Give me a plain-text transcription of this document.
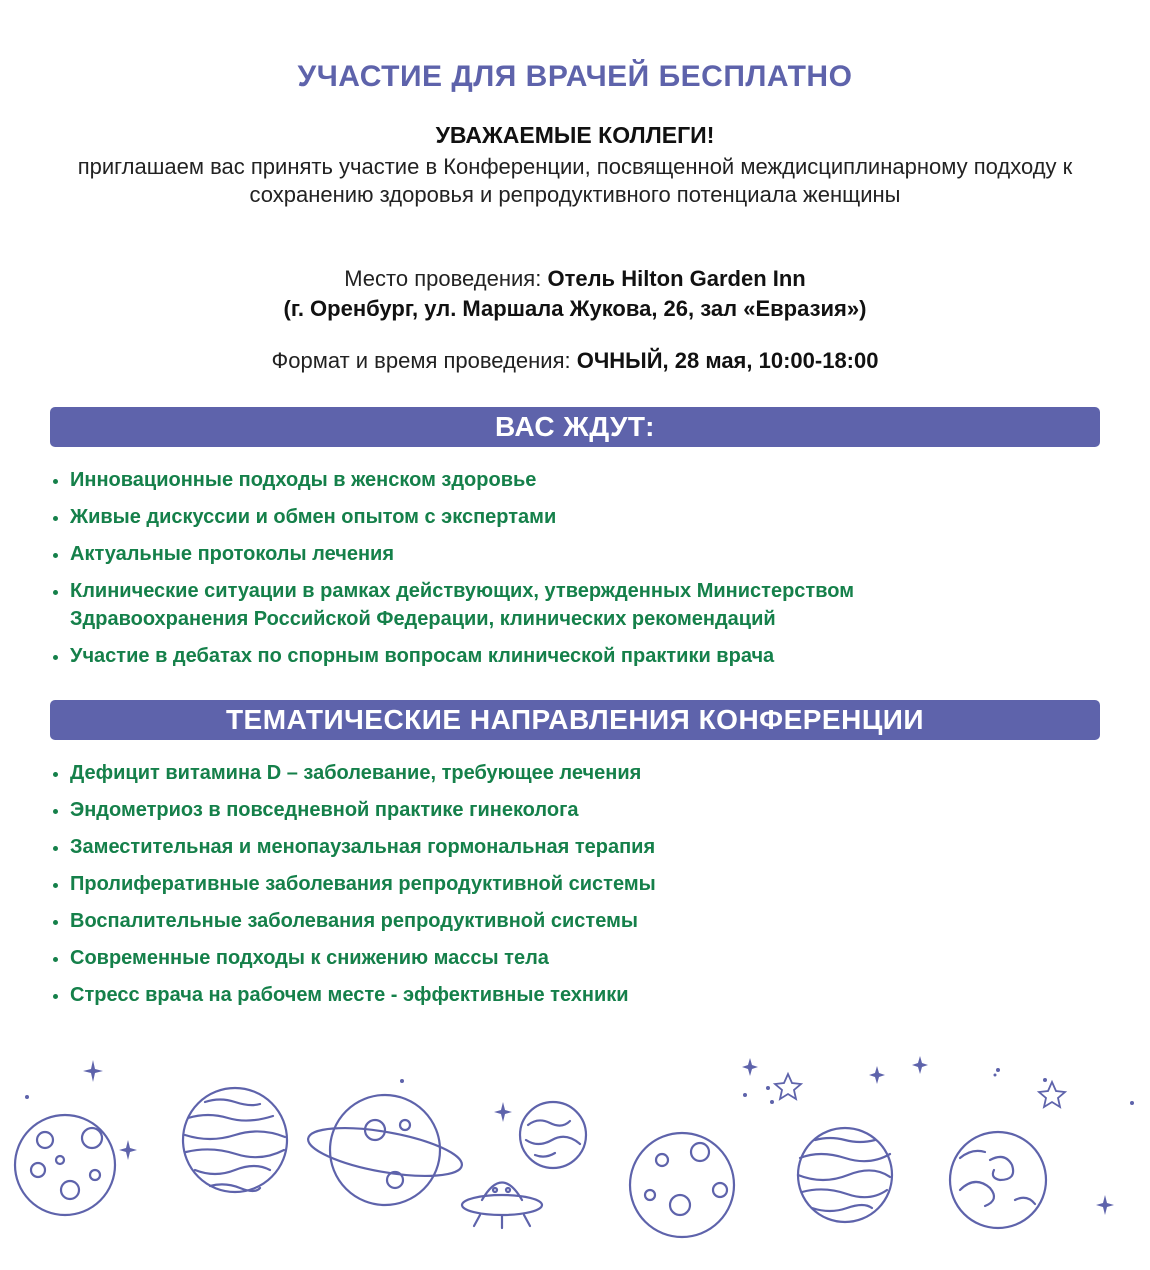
УЧАСТИЕ ДЛЯ ВРАЧЕЙ БЕСПЛАТНО
УВАЖАЕМЫЕ КОЛЛЕГИ!
приглашаем вас принять участие в Конференции, посвященной междисциплинарному подходу к сохранению здоровья и репродуктивного потенциала женщины
Место проведения: Отель Hilton Garden Inn
(г. Оренбург, ул. Маршала Жукова, 26, зал «Евразия»)
Формат и время проведения: ОЧНЫЙ, 28 мая, 10:00-18:00
ВАС ЖДУТ:
Инновационные подходы в женском здоровье
Живые дискуссии и обмен опытом с экспертами
Актуальные протоколы лечения
Клинические ситуации в рамках действующих, утвержденных Министерством Здравоохранения Российской Федерации, клинических рекомендаций
Участие в дебатах по спорным вопросам клинической практики врача
ТЕМАТИЧЕСКИЕ НАПРАВЛЕНИЯ КОНФЕРЕНЦИИ
Дефицит витамина D – заболевание, требующее лечения
Эндометриоз в повседневной практике гинеколога
Заместительная и менопаузальная гормональная терапия
Пролиферативные заболевания репродуктивной системы
Воспалительные заболевания репродуктивной системы
Современные подходы к снижению массы тела
Стресс врача на рабочем месте - эффективные техники
